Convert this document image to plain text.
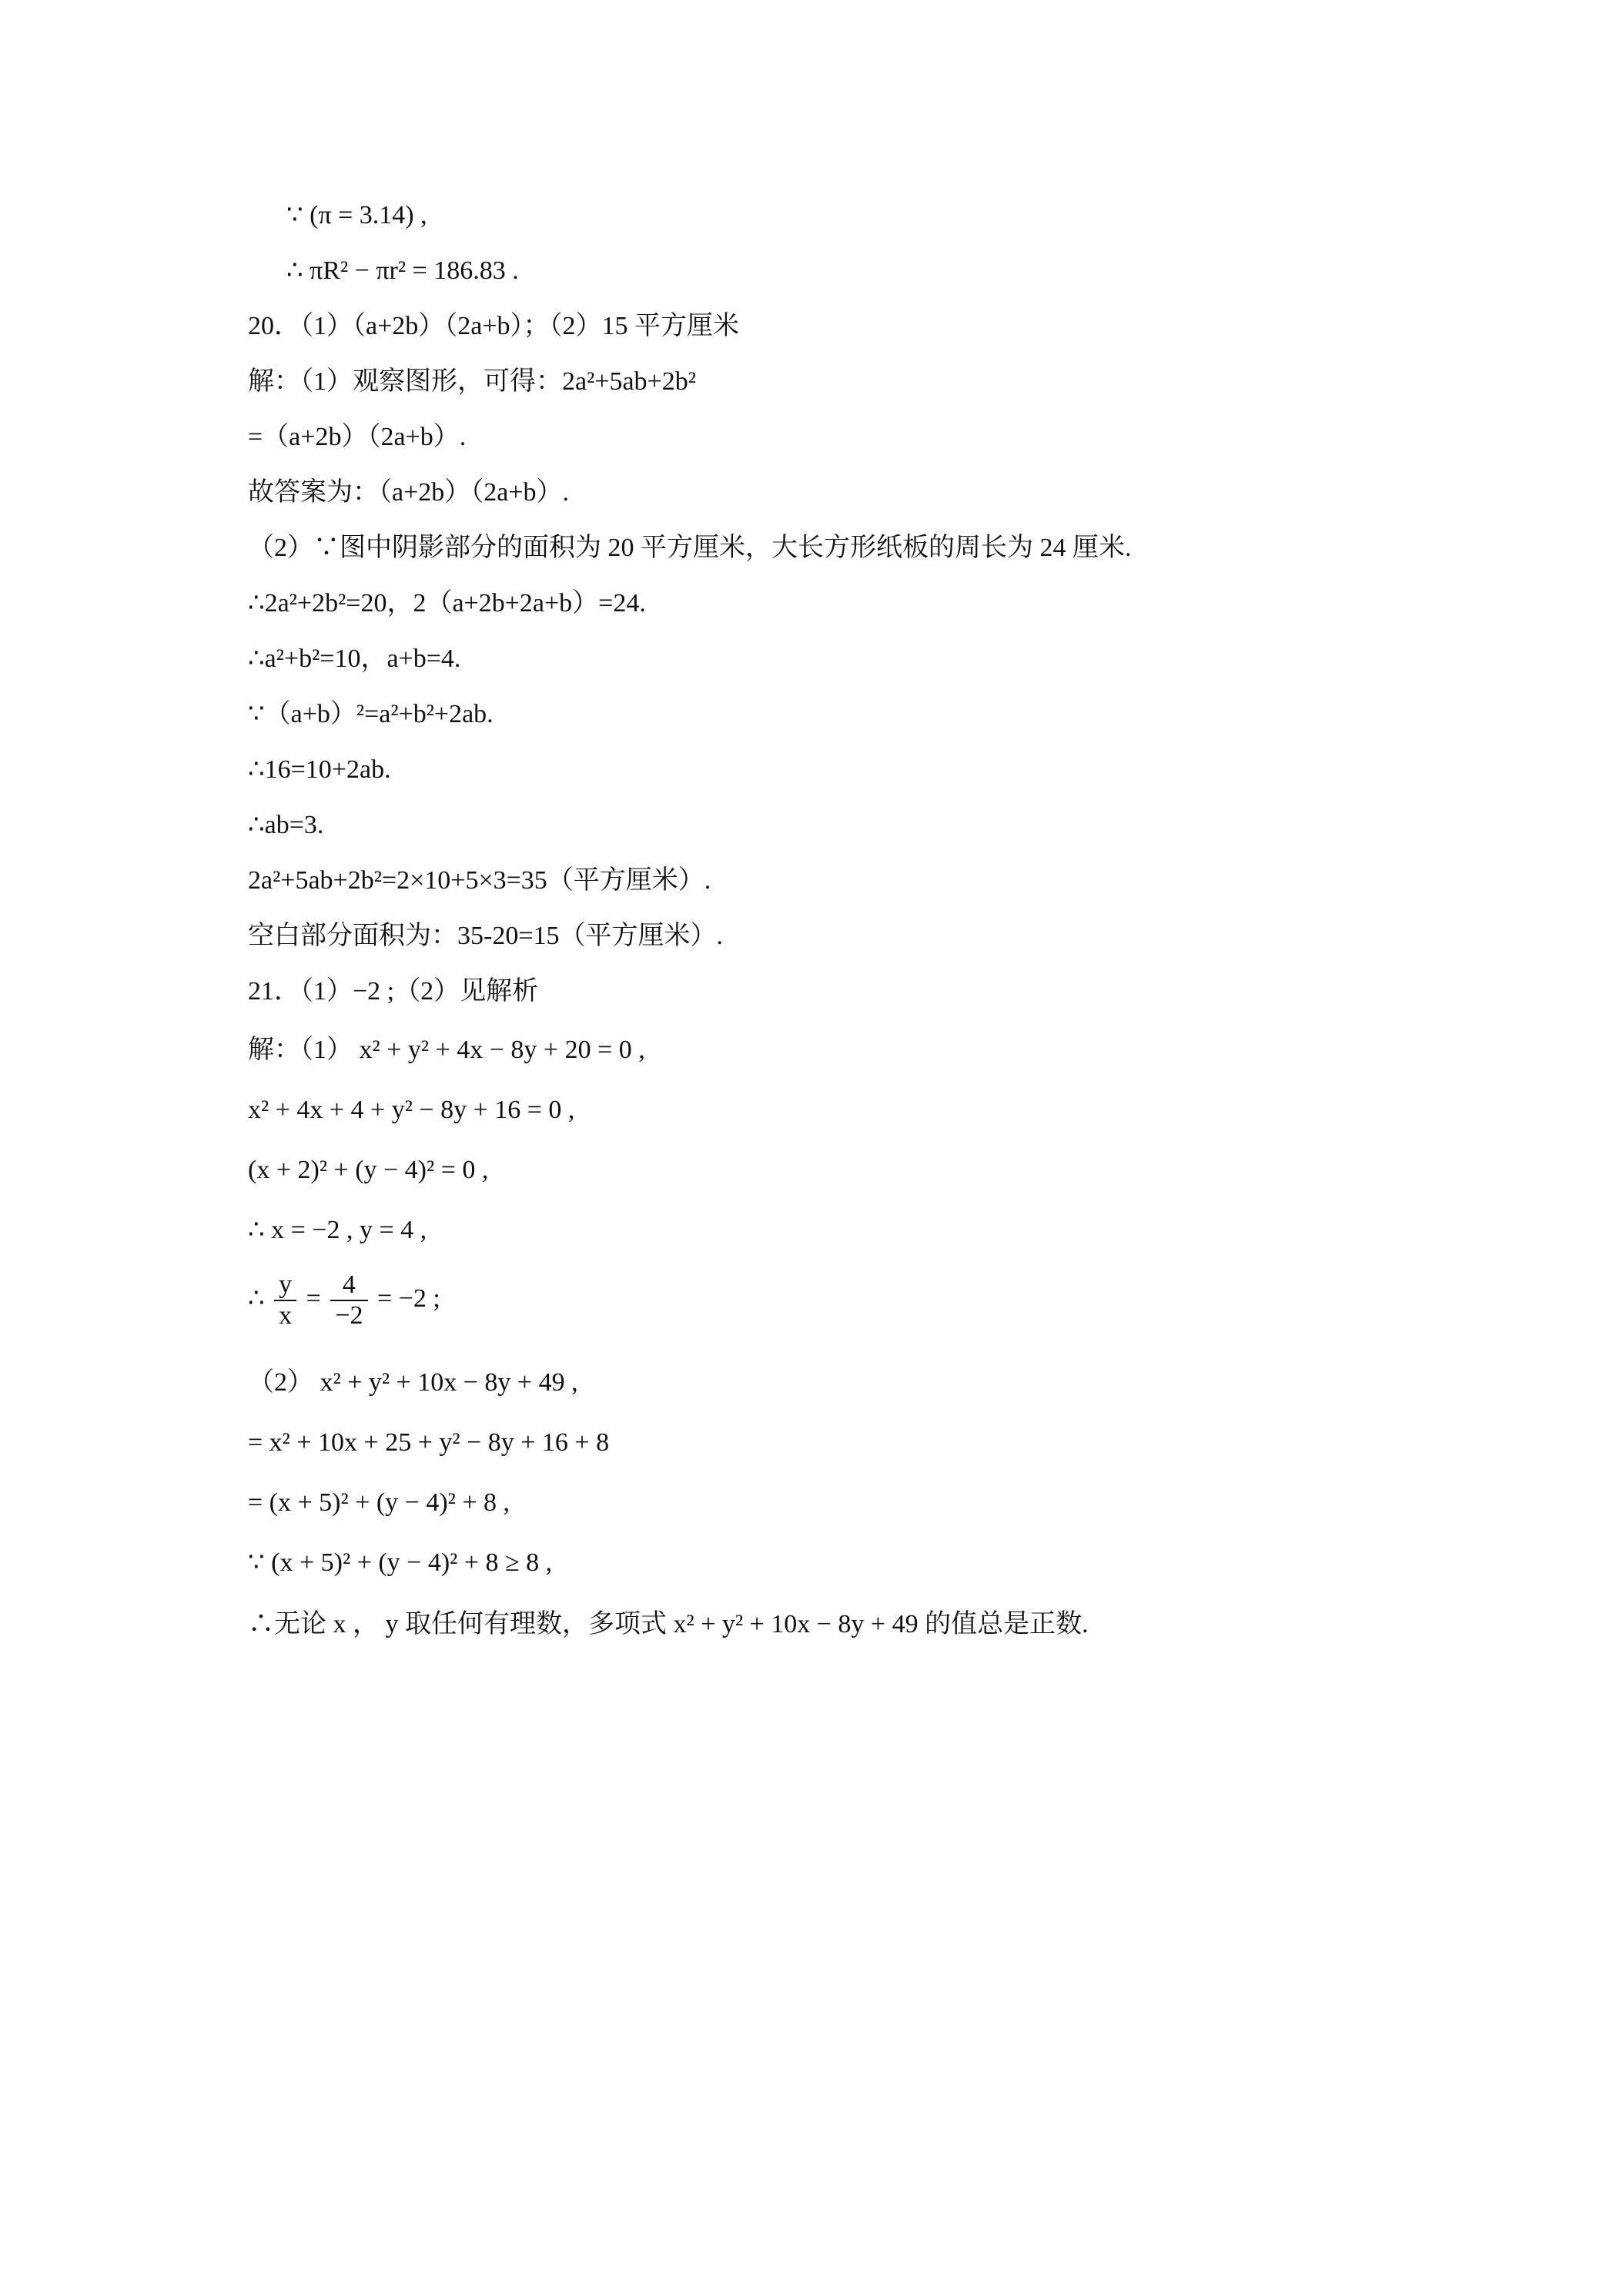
∵ (π = 3.14) ,
∴ πR² − πr² = 186.83 .
20．（1）（a+2b）（2a+b）；（2）15 平方厘米
解：（1）观察图形，可得：2a²+5ab+2b²
=（a+2b）（2a+b）.
故答案为：（a+2b）（2a+b）.
（2）∵图中阴影部分的面积为 20 平方厘米，大长方形纸板的周长为 24 厘米.
∴2a²+2b²=20，2（a+2b+2a+b）=24.
∴a²+b²=10，a+b=4.
∵（a+b）²=a²+b²+2ab.
∴16=10+2ab.
∴ab=3.
2a²+5ab+2b²=2×10+5×3=35（平方厘米）.
空白部分面积为：35-20=15（平方厘米）.
21．（1）−2 ;（2）见解析
解：（1） x² + y² + 4x − 8y + 20 = 0 ,
x² + 4x + 4 + y² − 8y + 16 = 0 ,
(x + 2)² + (y − 4)² = 0 ,
∴ x = −2 , y = 4 ,
∴ $\frac{y}{x} = \frac{4}{-2} = -2$ ;
（2） x² + y² + 10x − 8y + 49 ,
= x² + 10x + 25 + y² − 8y + 16 + 8
= (x + 5)² + (y − 4)² + 8 ,
∵ (x + 5)² + (y − 4)² + 8 ≥ 8 ,
∴无论 x ， y 取任何有理数，多项式 x² + y² + 10x − 8y + 49 的值总是正数.
